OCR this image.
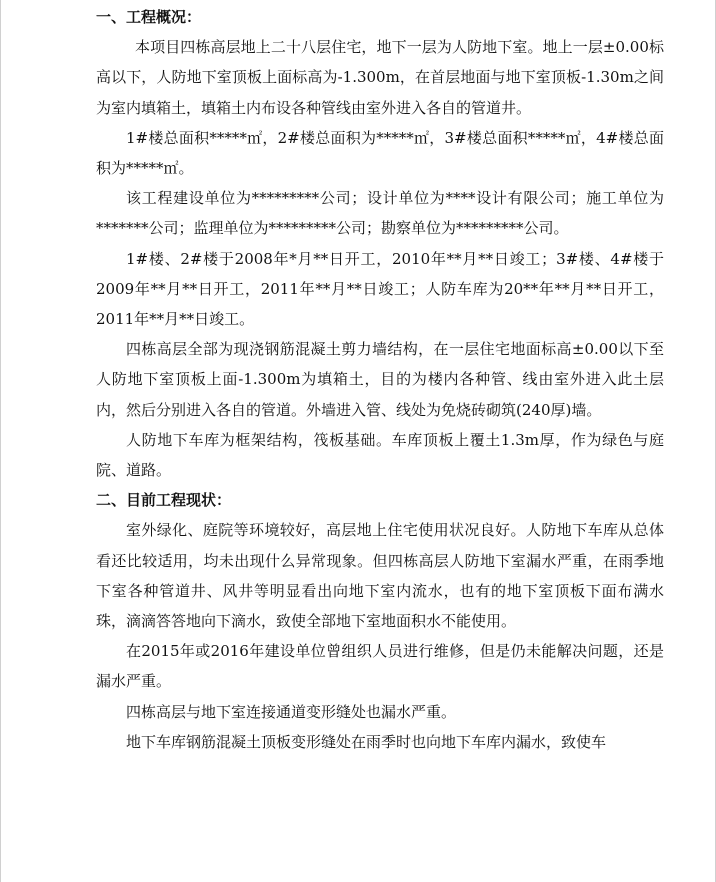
一、工程概况：

本项目四栋高层地上二十八层住宅，地下一层为人防地下室。地上一层±0.00标高以下，人防地下室顶板上面标高为-1.300m，在首层地面与地下室顶板-1.30m之间为室内填箱土，填箱土内布设各种管线由室外进入各自的管道井。

1#楼总面积*****㎡，2#楼总面积为*****㎡，3#楼总面积*****㎡，4#楼总面积为*****㎡。

该工程建设单位为*********公司；设计单位为****设计有限公司；施工单位为*******公司；监理单位为*********公司；勘察单位为*********公司。

1#楼、2#楼于2008年*月**日开工，2010年**月**日竣工；3#楼、4#楼于2009年**月**日开工，2011年**月**日竣工；人防车库为20**年**月**日开工，2011年**月**日竣工。

四栋高层全部为现浇钢筋混凝土剪力墙结构，在一层住宅地面标高±0.00以下至人防地下室顶板上面-1.300m为填箱土，目的为楼内各种管、线由室外进入此土层内，然后分别进入各自的管道。外墙进入管、线处为免烧砖砌筑(240厚)墙。

人防地下车库为框架结构，筏板基础。车库顶板上覆土1.3m厚，作为绿色与庭院、道路。

二、目前工程现状：

室外绿化、庭院等环境较好，高层地上住宅使用状况良好。人防地下车库从总体看还比较适用，均未出现什么异常现象。但四栋高层人防地下室漏水严重，在雨季地下室各种管道井、风井等明显看出向地下室内流水，也有的地下室顶板下面布满水珠，滴滴答答地向下滴水，致使全部地下室地面积水不能使用。

在2015年或2016年建设单位曾组织人员进行维修，但是仍未能解决问题，还是漏水严重。

四栋高层与地下室连接通道变形缝处也漏水严重。

地下车库钢筋混凝土顶板变形缝处在雨季时也向地下车库内漏水，致使车
